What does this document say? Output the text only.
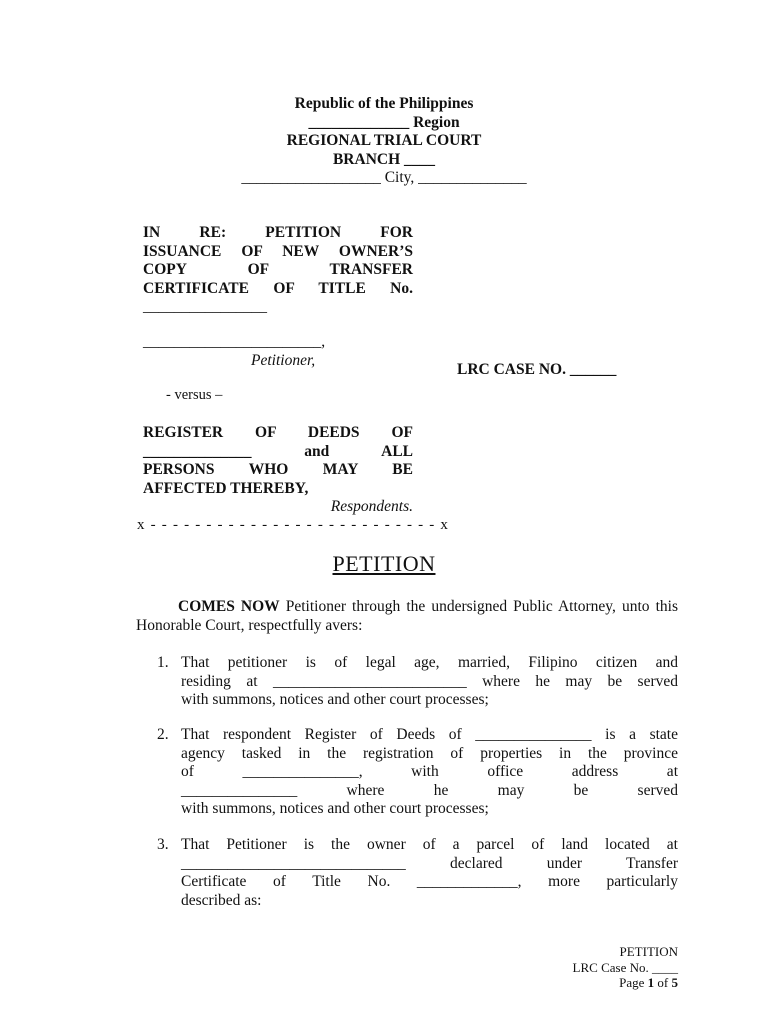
Republic of the Philippines
_____________ Region
REGIONAL TRIAL COURT
BRANCH ____
__________________ City, ______________

IN RE: PETITION FOR

ISSUANCE OF NEW OWNER’S

COPY OF TRANSFER

CERTIFICATE OF TITLE No.

________________

_______________________,

Petitioner,

- versus –

REGISTER OF DEEDS OF

______________ and ALL

PERSONS WHO MAY BE

AFFECTED THEREBY,

Respondents.

x - - - - - - - - - - - - - - - - - - - - - - - - - - x
LRC CASE NO. ______
PETITION
COMES NOW Petitioner through the undersigned Public Attorney, unto this Honorable Court, respectfully avers:
1. That petitioner is of legal age, married, Filipino citizen and

residing at _________________________ where he may be served

with summons, notices and other court processes;

2. That respondent Register of Deeds of _______________ is a state

agency tasked in the registration of properties in the province

of _______________, with office address at

_______________ where he may be served

with summons, notices and other court processes;

3. That Petitioner is the owner of a parcel of land located at

_____________________________ declared under Transfer

Certificate of Title No. _____________, more particularly

described as:

PETITION
LRC Case No. ____
Page 1 of 5
